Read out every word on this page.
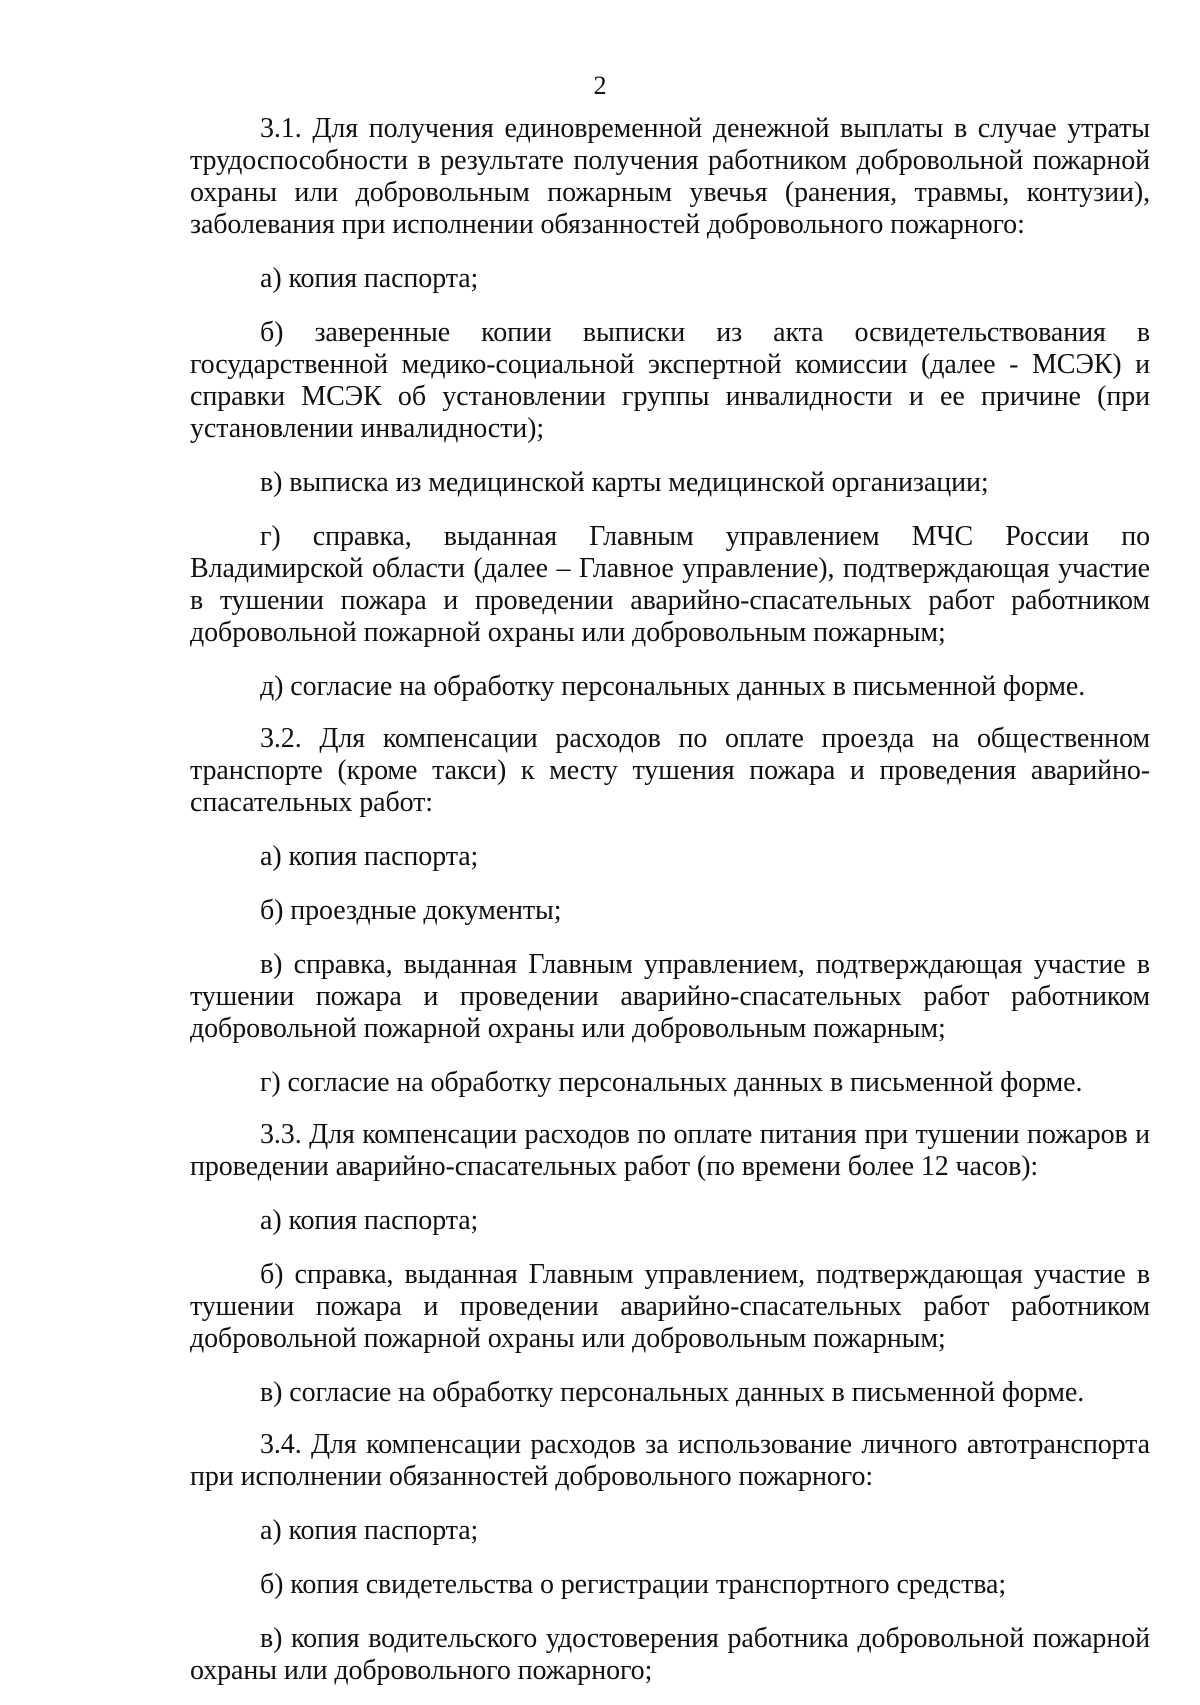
2

3.1. Для получения единовременной денежной выплаты в случае утраты трудоспособности в результате получения работником добровольной пожарной охраны или добровольным пожарным увечья (ранения, травмы, контузии), заболевания при исполнении обязанностей добровольного пожарного:

а) копия паспорта;

б) заверенные копии выписки из акта освидетельствования в государственной медико-социальной экспертной комиссии (далее - МСЭК) и справки МСЭК об установлении группы инвалидности и ее причине (при установлении инвалидности);

в) выписка из медицинской карты медицинской организации;

г) справка, выданная Главным управлением МЧС России по Владимирской области (далее – Главное управление), подтверждающая участие в тушении пожара и проведении аварийно-спасательных работ работником добровольной пожарной охраны или добровольным пожарным;

д) согласие на обработку персональных данных в письменной форме.

3.2. Для компенсации расходов по оплате проезда на общественном транспорте (кроме такси) к месту тушения пожара и проведения аварийно- спасательных работ:

а) копия паспорта;

б) проездные документы;

в) справка, выданная Главным управлением, подтверждающая участие в тушении пожара и проведении аварийно-спасательных работ работником добровольной пожарной охраны или добровольным пожарным;

г) согласие на обработку персональных данных в письменной форме.

3.3. Для компенсации расходов по оплате питания при тушении пожаров и проведении аварийно-спасательных работ (по времени более 12 часов):

а) копия паспорта;

б) справка, выданная Главным управлением, подтверждающая участие в тушении пожара и проведении аварийно-спасательных работ работником добровольной пожарной охраны или добровольным пожарным;

в) согласие на обработку персональных данных в письменной форме.

3.4. Для компенсации расходов за использование личного автотранспорта при исполнении обязанностей добровольного пожарного:

а) копия паспорта;

б) копия свидетельства о регистрации транспортного средства;

в) копия водительского удостоверения работника добровольной пожарной охраны или добровольного пожарного;
